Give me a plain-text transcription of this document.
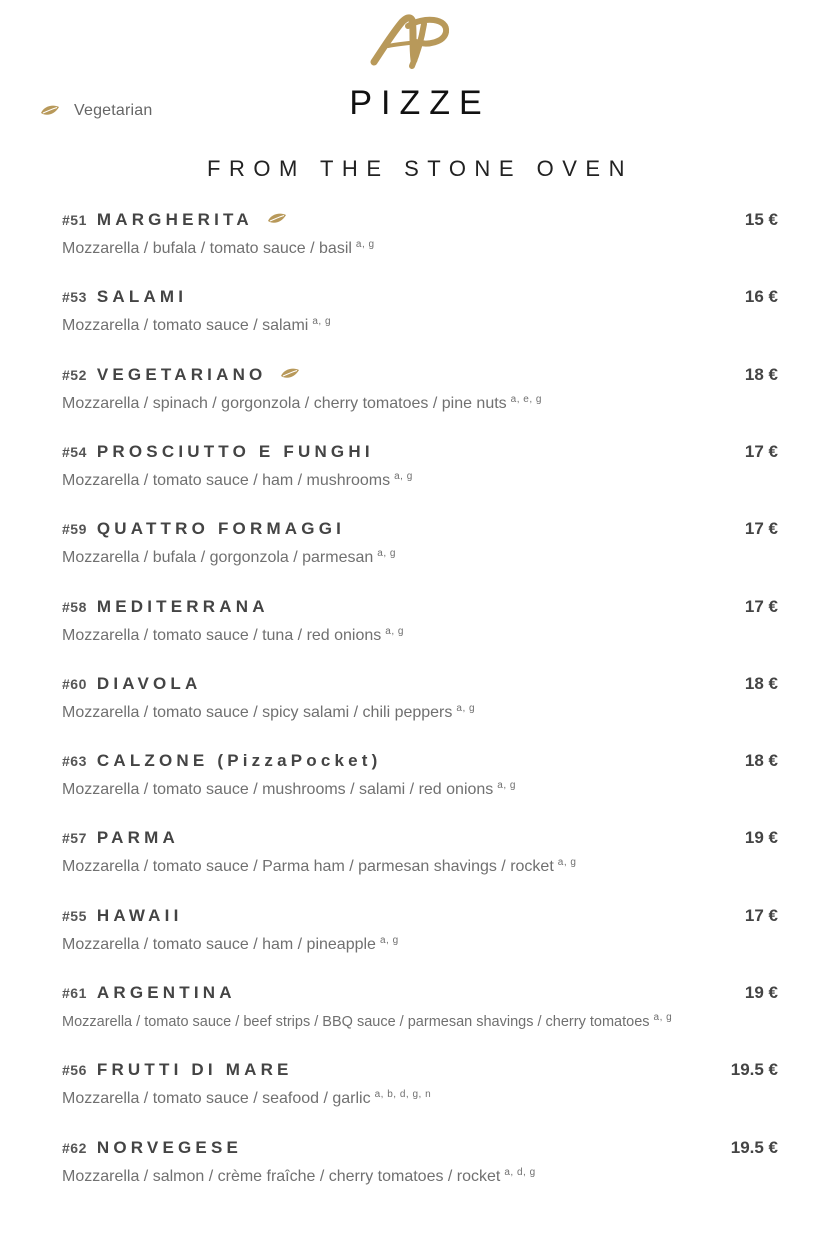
Vegetarian	PIZZE
FROM THE STONE OVEN
#51 MARGHERITA	15 €
Mozzarella / bufala / tomato sauce / basil $^{a, g}$
#53 SALAMI	16 €
Mozzarella / tomato sauce / salami $^{a, g}$
#52 VEGETARIANO	18 €
Mozzarella / spinach / gorgonzola / cherry tomatoes / pine nuts $^{a, e, g}$
#54 PROSCIUTTO E FUNGHI	17 €
Mozzarella / tomato sauce / ham / mushrooms $^{a, g}$
#59 QUATTRO FORMAGGI	17 €
Mozzarella / bufala / gorgonzola / parmesan $^{a, g}$
#58 MEDITERRANA	17 €
Mozzarella / tomato sauce / tuna / red onions $^{a, g}$
#60 DIAVOLA	18 €
Mozzarella / tomato sauce / spicy salami / chili peppers $^{a, g}$
#63 CALZONE (PizzaPocket)	18 €
Mozzarella / tomato sauce / mushrooms / salami / red onions $^{a, g}$
#57 PARMA	19 €
Mozzarella / tomato sauce / Parma ham / parmesan shavings / rocket $^{a, g}$
#55 HAWAII	17 €
Mozzarella / tomato sauce / ham / pineapple $^{a, g}$
#61 ARGENTINA	19 €
Mozzarella / tomato sauce / beef strips / BBQ sauce / parmesan shavings / cherry tomatoes $^{a, g}$
#56 FRUTTI DI MARE	19.5 €
Mozzarella / tomato sauce / seafood / garlic $^{a, b, d, g, n}$
#62 NORVEGESE	19.5 €
Mozzarella / salmon / crème fraîche / cherry tomatoes / rocket $^{a, d, g}$
